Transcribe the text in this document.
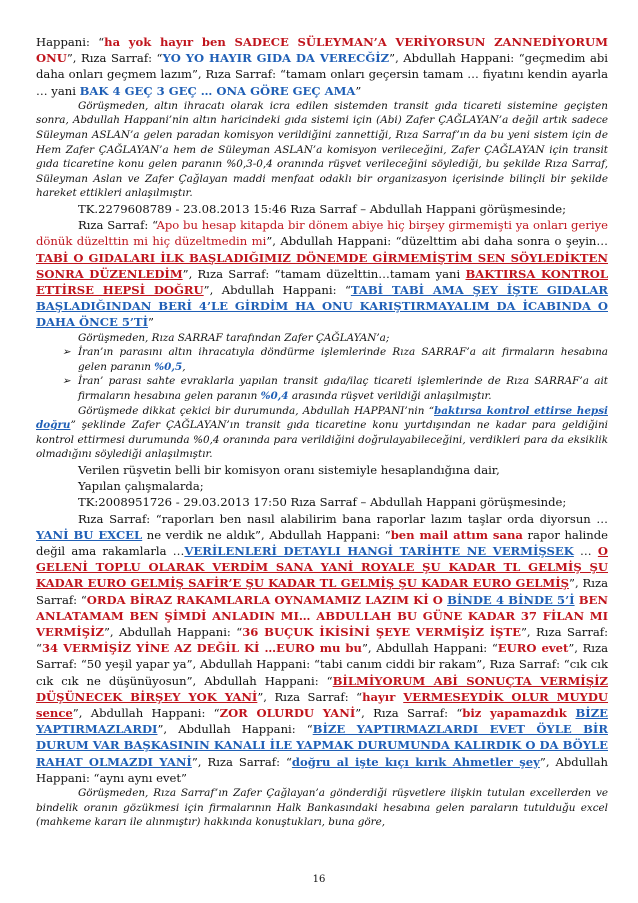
Happani: “ha yok hayır ben SADECE SÜLEYMAN’A VERİYORSUN ZANNEDİYORUM ONU”, Rıza Sarraf: “YO YO HAYIR GIDA DA VERECĞİZ”, Abdullah Happani: “geçmedim abi daha onları geçmem lazım”, Rıza Sarraf: “tamam onları geçersin tamam … fiyatını kendin ayarla … yani BAK 4 GEÇ 3 GEÇ … ONA GÖRE GEÇ AMA”

Görüşmeden, altın ihracatı olarak icra edilen sistemden transit gıda ticareti sistemine geçişten sonra, Abdullah Happani’nin altın haricindeki gıda sistemi için (Abi) Zafer ÇAĞLAYAN’a değil artık sadece Süleyman ASLAN’a gelen paradan komisyon verildiğini zannettiği, Rıza Sarraf’ın da bu yeni sistem için de Hem Zafer ÇAĞLAYAN’a hem de Süleyman ASLAN’a komisyon verileceğini, Zafer ÇAĞLAYAN için transit gıda ticaretine konu gelen paranın %0,3-0,4 oranında rüşvet verileceğini söylediği, bu şekilde Rıza Sarraf, Süleyman Aslan ve Zafer Çağlayan maddi menfaat odaklı bir organizasyon içerisinde bilinçli bir şekilde hareket ettikleri anlaşılmıştır.

TK.2279608789 - 23.08.2013 15:46 Rıza Sarraf – Abdullah Happani görüşmesinde;

Rıza Sarraf: “Apo bu hesap kitapda bir dönem abiye hiç birşey girmemişti ya onları geriye dönük düzelttin mi hiç düzeltmedin mi”, Abdullah Happani: “düzelttim abi daha sonra o şeyin…TABİ O GIDALARI İLK BAŞLADIĞIMIZ DÖNEMDE GİRMEMİŞTİM SEN SÖYLEDİKTEN SONRA DÜZENLEDİM”, Rıza Sarraf: “tamam düzelttin…tamam yani BAKTIRSA KONTROL ETTİRSE HEPSİ DOĞRU”, Abdullah Happani: “TABİ TABİ AMA ŞEY İŞTE GIDALAR BAŞLADIĞINDAN BERİ 4’LE GİRDİM HA ONU KARIŞTIRMAYALIM DA İCABINDA O DAHA ÖNCE 5’Tİ”

Görüşmeden, Rıza SARRAF tarafından Zafer ÇAĞLAYAN’a;

➢ İran’ın parasını altın ihracatıyla döndürme işlemlerinde Rıza SARRAF’a ait firmaların hesabına gelen paranın %0,5,

➢ İran’ parası sahte evraklarla yapılan transit gıda/ilaç ticareti işlemlerinde de Rıza SARRAF’a ait firmaların hesabına gelen paranın %0,4 arasında rüşvet verildiği anlaşılmıştır.

Görüşmede dikkat çekici bir durumunda, Abdullah HAPPANI’nin “baktırsa kontrol ettirse hepsi doğru” şeklinde Zafer ÇAĞLAYAN’ın transit gıda ticaretine konu yurtdışından ne kadar para geldiğini kontrol ettirmesi durumunda %0,4 oranında para verildiğini doğrulayabileceğini, verdikleri para da eksiklik olmadığını söylediği anlaşılmıştır.

Verilen rüşvetin belli bir komisyon oranı sistemiyle hesaplandığına dair,

Yapılan çalışmalarda;

TK:2008951726 - 29.03.2013 17:50 Rıza Sarraf – Abdullah Happani görüşmesinde;

Rıza Sarraf: “raporları ben nasıl alabilirim bana raporlar lazım taşlar orda diyorsun … YANİ BU EXCEL ne verdik ne aldık”, Abdullah Happani: “ben mail attım sana rapor halinde değil ama rakamlarla …VERİLENLERİ DETAYLI HANGİ TARİHTE NE VERMİŞSEK … O GELENİ TOPLU OLARAK VERDİM SANA YANİ ROYALE ŞU KADAR TL GELMİŞ ŞU KADAR EURO GELMİŞ SAFİR’E ŞU KADAR TL GELMİŞ ŞU KADAR EURO GELMİŞ”, Rıza Sarraf: “ORDA BİRAZ RAKAMLARLA OYNAMAMIZ LAZIM Kİ O BİNDE 4 BİNDE 5’İ BEN ANLATAMAM BEN ŞİMDİ ANLADIN MI… ABDULLAH BU GÜNE KADAR 37 FİLAN MI VERMİŞİZ”, Abdullah Happani: “36 BUÇUK İKİSİNİ ŞEYE VERMİŞİZ İŞTE”, Rıza Sarraf: “34 VERMİŞİZ YİNE AZ DEĞİL Kİ …EURO mu bu”, Abdullah Happani: “EURO evet”, Rıza Sarraf: “50 yeşil yapar ya”, Abdullah Happani: “tabi canım ciddi bir rakam”, Rıza Sarraf: “cık cık cık cık ne düşünüyosun”, Abdullah Happani: “BİLMİYORUM ABİ SONUÇTA VERMİŞİZ DÜŞÜNECEK BİRŞEY YOK YANİ”, Rıza Sarraf: “hayır VERMESEYDİK OLUR MUYDU sence”, Abdullah Happani: “ZOR OLURDU YANİ”, Rıza Sarraf: “biz yapamazdık BİZE YAPTIRMAZLARDI”, Abdullah Happani: “BİZE YAPTIRMAZLARDI EVET ÖYLE BİR DURUM VAR BAŞKASININ KANALI İLE YAPMAK DURUMUNDA KALIRDIK O DA BÖYLE RAHAT OLMAZDI YANİ”, Rıza Sarraf: “doğru al işte kıçı kırık Ahmetler şey”, Abdullah Happani: “aynı aynı evet”

Görüşmeden, Rıza Sarraf’ın Zafer Çağlayan’a gönderdiği rüşvetlere ilişkin tutulan excellerden ve bindelik oranın gözükmesi için firmalarının Halk Bankasındaki hesabına gelen paraların tutulduğu excel (mahkeme kararı ile alınmıştır) hakkında konuştukları, buna göre,

16
